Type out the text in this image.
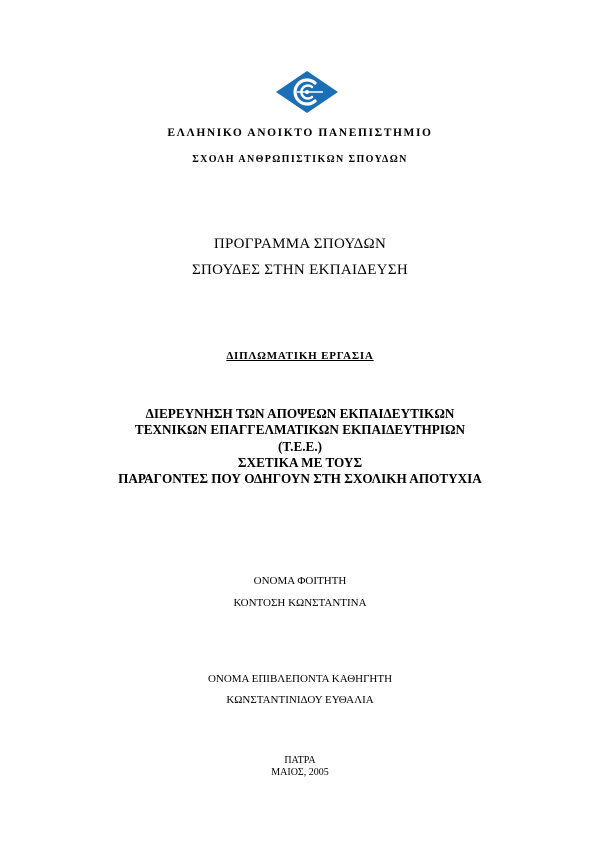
ΕΛΛΗΝΙΚΟ ΑΝΟΙΚΤΟ ΠΑΝΕΠΙΣΤΗΜΙΟ
ΣΧΟΛΗ ΑΝΘΡΩΠΙΣΤΙΚΩΝ ΣΠΟΥΔΩΝ
ΠΡΟΓΡΑΜΜΑ ΣΠΟΥΔΩΝ
ΣΠΟΥΔΕΣ ΣΤΗΝ ΕΚΠΑΙΔΕΥΣΗ
ΔΙΠΛΩΜΑΤΙΚΗ ΕΡΓΑΣΙΑ
ΔΙΕΡΕΥΝΗΣΗ ΤΩΝ ΑΠΟΨΕΩΝ ΕΚΠΑΙΔΕΥΤΙΚΩΝ
ΤΕΧΝΙΚΩΝ ΕΠΑΓΓΕΛΜΑΤΙΚΩΝ ΕΚΠΑΙΔΕΥΤΗΡΙΩΝ
(Τ.Ε.Ε.)
ΣΧΕΤΙΚΑ ΜΕ ΤΟΥΣ
ΠΑΡΑΓΟΝΤΕΣ ΠΟΥ ΟΔΗΓΟΥΝ ΣΤΗ ΣΧΟΛΙΚΗ ΑΠΟΤΥΧΙΑ
ΟΝΟΜΑ ΦΟΙΤΗΤΗ
ΚΟΝΤΟΣΗ ΚΩΝΣΤΑΝΤΙΝΑ
ΟΝΟΜΑ ΕΠΙΒΛΕΠΟΝΤΑ ΚΑΘΗΓΗΤΗ
ΚΩΝΣΤΑΝΤΙΝΙΔΟΥ ΕΥΘΑΛΙΑ
ΠΑΤΡΑ
ΜΑΙΟΣ, 2005
